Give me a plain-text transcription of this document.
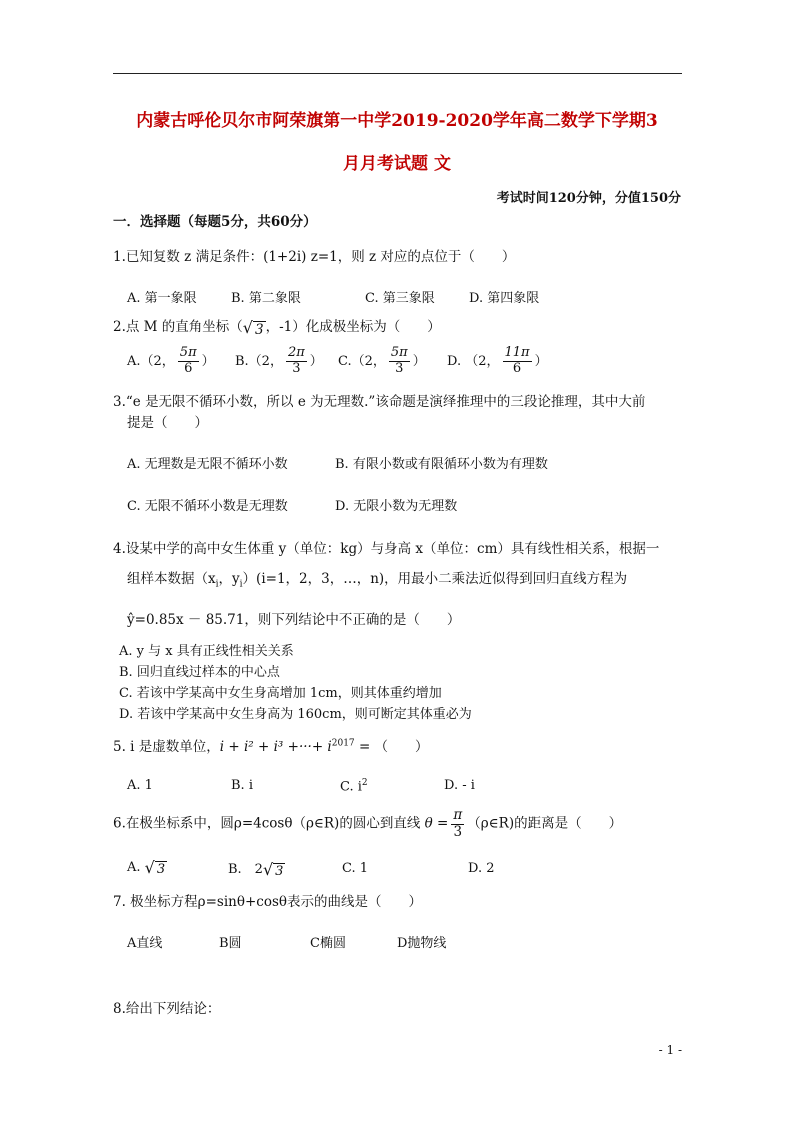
内蒙古呼伦贝尔市阿荣旗第一中学2019-2020学年高二数学下学期3
月月考试题 文
考试时间120分钟，分值150分
一．选择题（每题5分，共60分）
1.已知复数 z 满足条件：(1+2i) z=1，则 z 对应的点位于（　　）
A. 第一象限	B. 第二象限	C. 第三象限	D. 第四象限
2.点 M 的直角坐标（ √ 3 ，-1）化成极坐标为（　　）
A.（2， $\frac{5\pi}{6}$ ） B.（2， $\frac{2\pi}{3}$ ） C.（2， $\frac{5\pi}{3}$ ） D. （2， $\frac{11\pi}{6}$ ）
3.“e 是无限不循环小数，所以 e 为无理数.”该命题是演绎推理中的三段论推理，其中大前
提是（　　）
A. 无理数是无限不循环小数	B. 有限小数或有限循环小数为有理数
C. 无限不循环小数是无理数	D. 无限小数为无理数
4.设某中学的高中女生体重 y（单位：kg）与身高 x（单位：cm）具有线性相关系，根据一
组样本数据（$x_i$，$y_i)(i=1$，2，3，…，n)，用最小二乘法近似得到回归直线方程为
ŷ=0.85x － 85.71，则下列结论中不正确的是（　　）
A. y 与 x 具有正线性相关关系
B. 回归直线过样本的中心点
C. 若该中学某高中女生身高增加 1cm，则其体重约增加
D. 若该中学某高中女生身高为 160cm，则可断定其体重必为
5. i 是虚数单位，i + i² + i³ +···+ $i^{2017}$ = （　　）
A. 1	B. i	C. $i^2$	D. - i
6.在极坐标系中，圆ρ=4cosθ（ρ∈R)的圆心到直线 $\theta = \frac{\pi}{3}$ （ρ∈R)的距离是（　　）
A. √ 3	B.　2 √ 3	C. 1	D. 2
7. 极坐标方程ρ=sinθ+cosθ表示的曲线是（　　）
A直线	B圆	C椭圆	D抛物线
8.给出下列结论：
- 1 -
